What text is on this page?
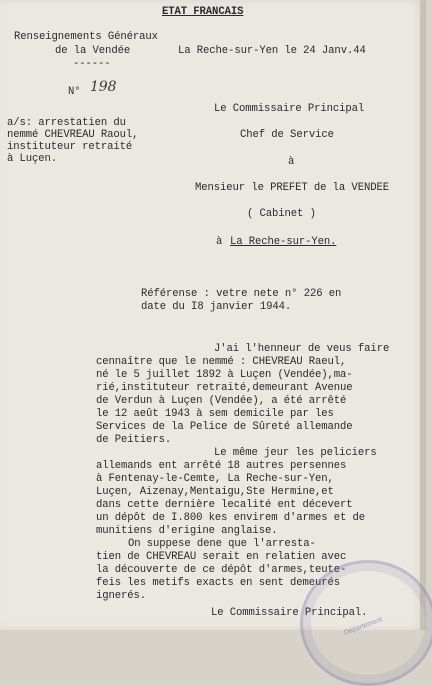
ETAT FRANCAIS
Renseignements Généraux
de la Vendée
------
La Reche-sur-Yen le 24 Janv.44
N° 198
a/s: arrestatien du
nemmé CHEVREAU Raoul,
instituteur retraité
à Luçen.
Le Commissaire Principal
Chef de Service
à
Mensieur le PREFET de la VENDEE
( Cabinet )
à La Reche-sur-Yen.
Référense : vetre nete n° 226 en
date du I8 janvier 1944.
J'ai l'henneur de veus faire
cennaître que le nemmé : CHEVREAU Raeul,
né le 5 juillet 1892 à Luçen (Vendée),ma-
rié,instituteur retraité,demeurant Avenue
de Verdun à Luçen (Vendée), a été arrêté
le 12 aeût 1943 à sem demicile par les
Services de la Pelice de Sûreté allemande
de Peitiers.
Le même jeur les peliciers
allemands ent arrêté 18 autres persennes
à Fentenay-le-Cemte, La Reche-sur-Yen,
Luçen, Aizenay,Mentaigu,Ste Hermine,et
dans cette dernière lecalité ent décevert
un dépôt de I.800 kes envirem d'armes et de
munitiens d'erigine anglaise.
On suppese dene que l'arresta-
tien de CHEVREAU serait en relatien avec
la découverte de ce dépôt d'armes,teute-
feis les metifs exacts en sent demeurés
ignerés.
Le Commissaire Principal.
Département
